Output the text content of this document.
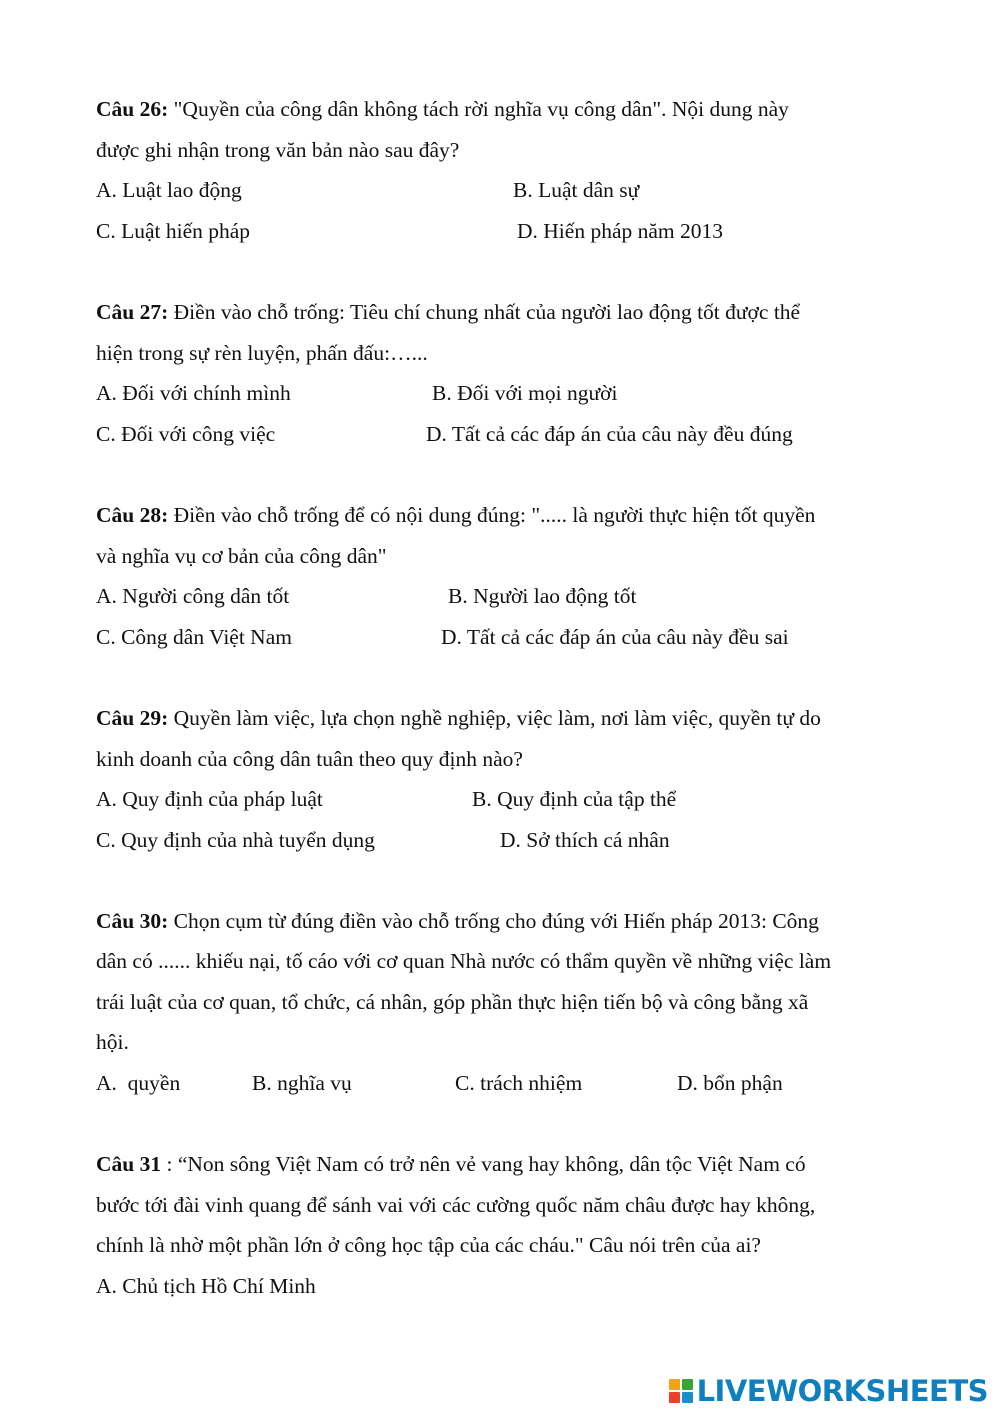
Câu 26: "Quyền của công dân không tách rời nghĩa vụ công dân". Nội dung này

được ghi nhận trong văn bản nào sau đây?

A. Luật lao động	B. Luật dân sự

C. Luật hiến pháp	D. Hiến pháp năm 2013

Câu 27: Điền vào chỗ trống: Tiêu chí chung nhất của người lao động tốt được thể

hiện trong sự rèn luyện, phấn đấu:…...

A. Đối với chính mình	B. Đối với mọi người

C. Đối với công việc	D. Tất cả các đáp án của câu này đều đúng

Câu 28: Điền vào chỗ trống để có nội dung đúng: "..... là người thực hiện tốt quyền

và nghĩa vụ cơ bản của công dân"

A. Người công dân tốt	B. Người lao động tốt

C. Công dân Việt Nam	D. Tất cả các đáp án của câu này đều sai

Câu 29: Quyền làm việc, lựa chọn nghề nghiệp, việc làm, nơi làm việc, quyền tự do

kinh doanh của công dân tuân theo quy định nào?

A. Quy định của pháp luật	B. Quy định của tập thể

C. Quy định của nhà tuyển dụng	D. Sở thích cá nhân

Câu 30: Chọn cụm từ đúng điền vào chỗ trống cho đúng với Hiến pháp 2013: Công

dân có ...... khiếu nại, tố cáo với cơ quan Nhà nước có thẩm quyền về những việc làm

trái luật của cơ quan, tổ chức, cá nhân, góp phần thực hiện tiến bộ và công bằng xã

hội.

A.  quyền	B. nghĩa vụ	C. trách nhiệm	D. bổn phận

Câu 31 : “Non sông Việt Nam có trở nên vẻ vang hay không, dân tộc Việt Nam có

bước tới đài vinh quang để sánh vai với các cường quốc năm châu được hay không,

chính là nhờ một phần lớn ở công học tập của các cháu." Câu nói trên của ai?

A. Chủ tịch Hồ Chí Minh

LIVEWORKSHEETS
